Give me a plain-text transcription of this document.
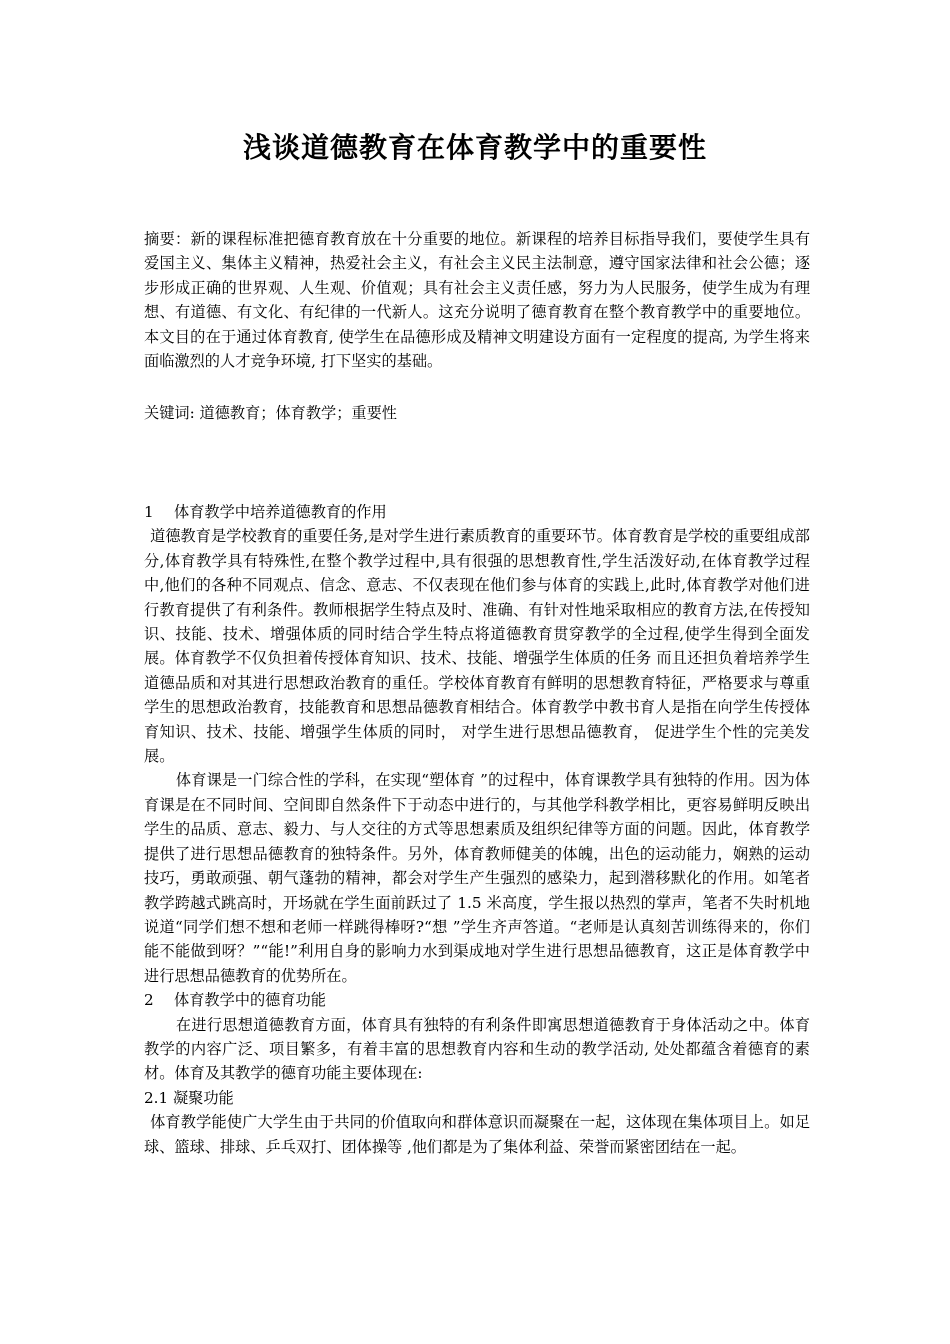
浅谈道德教育在体育教学中的重要性

摘要：新的课程标准把德育教育放在十分重要的地位。新课程的培养目标指导我们，要使学生具有爱国主义、集体主义精神，热爱社会主义，有社会主义民主法制意，遵守国家法律和社会公德；逐步形成正确的世界观、人生观、价值观；具有社会主义责任感，努力为人民服务，使学生成为有理想、有道德、有文化、有纪律的一代新人。这充分说明了德育教育在整个教育教学中的重要地位。本文目的在于通过体育教育, 使学生在品德形成及精神文明建设方面有一定程度的提高, 为学生将来面临激烈的人才竞争环境, 打下坚实的基础。

关键词: 道德教育；体育教学；重要性

1 体育教学中培养道德教育的作用

道德教育是学校教育的重要任务,是对学生进行素质教育的重要环节。体育教育是学校的重要组成部分,体育教学具有特殊性,在整个教学过程中,具有很强的思想教育性,学生活泼好动,在体育教学过程中,他们的各种不同观点、信念、意志、不仅表现在他们参与体育的实践上,此时,体育教学对他们进行教育提供了有利条件。教师根据学生特点及时、准确、有针对性地采取相应的教育方法,在传授知识、技能、技术、增强体质的同时结合学生特点将道德教育贯穿教学的全过程,使学生得到全面发展。体育教学不仅负担着传授体育知识、技术、技能、增强学生体质的任务 而且还担负着培养学生道德品质和对其进行思想政治教育的重任。学校体育教育有鲜明的思想教育特征，严格要求与尊重学生的思想政治教育，技能教育和思想品德教育相结合。体育教学中教书育人是指在向学生传授体育知识、技术、技能、增强学生体质的同时， 对学生进行思想品德教育， 促进学生个性的完美发展。

体育课是一门综合性的学科，在实现“塑体育 ”的过程中，体育课教学具有独特的作用。因为体育课是在不同时间、空间即自然条件下于动态中进行的，与其他学科教学相比，更容易鲜明反映出学生的品质、意志、毅力、与人交往的方式等思想素质及组织纪律等方面的问题。因此，体育教学提供了进行思想品德教育的独特条件。另外，体育教师健美的体魄，出色的运动能力，娴熟的运动技巧，勇敢顽强、朝气蓬勃的精神，都会对学生产生强烈的感染力，起到潜移默化的作用。如笔者教学跨越式跳高时，开场就在学生面前跃过了 1.5 米高度，学生报以热烈的掌声，笔者不失时机地说道“同学们想不想和老师一样跳得棒呀?“想 ”学生齐声答道。“老师是认真刻苦训练得来的，你们能不能做到呀？”“能!”利用自身的影响力水到渠成地对学生进行思想品德教育，这正是体育教学中进行思想品德教育的优势所在。

2 体育教学中的德育功能

在进行思想道德教育方面，体育具有独特的有利条件即寓思想道德教育于身体活动之中。体育教学的内容广泛、项目繁多，有着丰富的思想教育内容和生动的教学活动, 处处都蕴含着德育的素材。体育及其教学的德育功能主要体现在:

2.1 凝聚功能

体育教学能使广大学生由于共同的价值取向和群体意识而凝聚在一起，这体现在集体项目上。如足球、篮球、排球、乒乓双打、团体操等 ,他们都是为了集体利益、荣誉而紧密团结在一起。
